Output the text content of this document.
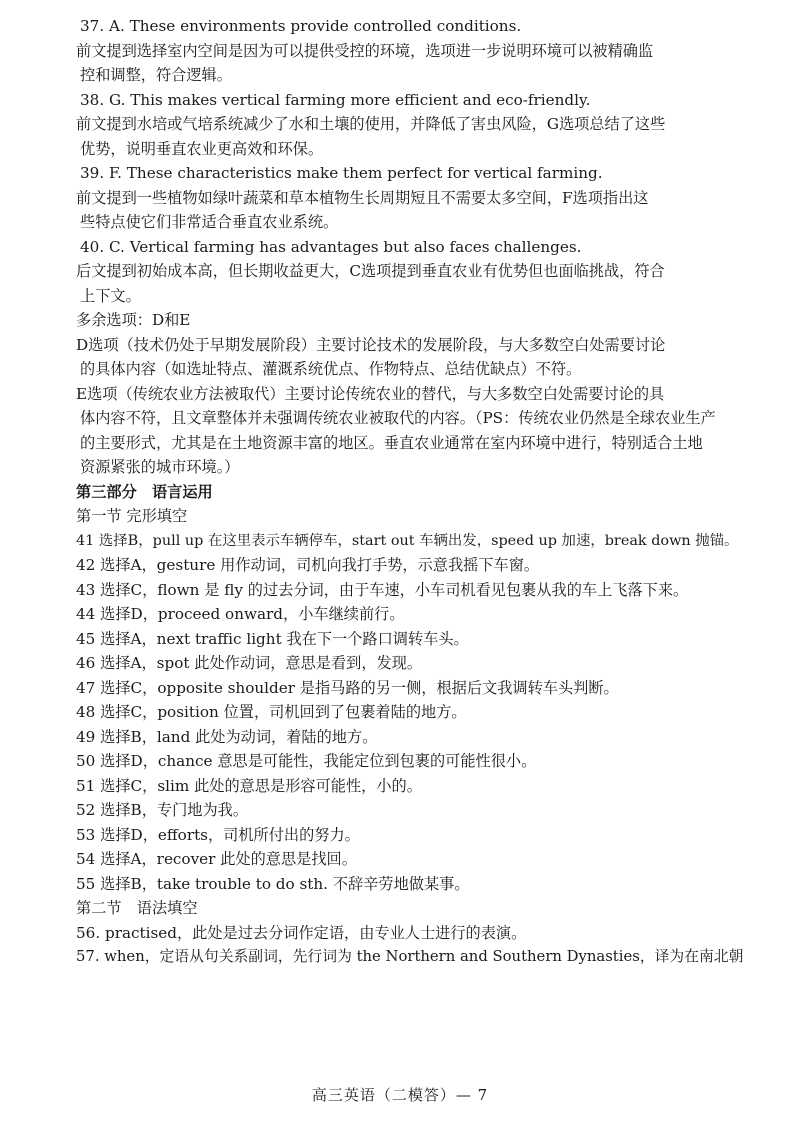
37. A. These environments provide controlled conditions.
前文提到选择室内空间是因为可以提供受控的环境，选项进一步说明环境可以被精确监
控和调整，符合逻辑。
38. G. This makes vertical farming more efficient and eco-friendly.
前文提到水培或气培系统减少了水和土壤的使用，并降低了害虫风险，G选项总结了这些
优势，说明垂直农业更高效和环保。
39. F. These characteristics make them perfect for vertical farming.
前文提到一些植物如绿叶蔬菜和草本植物生长周期短且不需要太多空间，F选项指出这
些特点使它们非常适合垂直农业系统。
40. C. Vertical farming has advantages but also faces challenges.
后文提到初始成本高，但长期收益更大，C选项提到垂直农业有优势但也面临挑战，符合
上下文。
多余选项：D和E
D选项（技术仍处于早期发展阶段）主要讨论技术的发展阶段，与大多数空白处需要讨论
的具体内容（如选址特点、灌溉系统优点、作物特点、总结优缺点）不符。
E选项（传统农业方法被取代）主要讨论传统农业的替代，与大多数空白处需要讨论的具
体内容不符，且文章整体并未强调传统农业被取代的内容。（PS：传统农业仍然是全球农业生产
的主要形式，尤其是在土地资源丰富的地区。垂直农业通常在室内环境中进行，特别适合土地
资源紧张的城市环境。）
第三部分　语言运用
第一节 完形填空
41 选择B，pull up 在这里表示车辆停车，start out 车辆出发，speed up 加速，break down 抛锚。
42 选择A，gesture 用作动词，司机向我打手势，示意我摇下车窗。
43 选择C，flown 是 fly 的过去分词，由于车速，小车司机看见包裹从我的车上飞落下来。
44 选择D，proceed onward，小车继续前行。
45 选择A，next traffic light 我在下一个路口调转车头。
46 选择A，spot 此处作动词，意思是看到，发现。
47 选择C，opposite shoulder 是指马路的另一侧，根据后文我调转车头判断。
48 选择C，position 位置，司机回到了包裹着陆的地方。
49 选择B，land 此处为动词，着陆的地方。
50 选择D，chance 意思是可能性，我能定位到包裹的可能性很小。
51 选择C，slim 此处的意思是形容可能性，小的。
52 选择B，专门地为我。
53 选择D，efforts，司机所付出的努力。
54 选择A，recover 此处的意思是找回。
55 选择B，take trouble to do sth. 不辞辛劳地做某事。
第二节　语法填空
56. practised，此处是过去分词作定语，由专业人士进行的表演。
57. when，定语从句关系副词，先行词为 the Northern and Southern Dynasties，译为在南北朝
高三英语（二模答）— 7
